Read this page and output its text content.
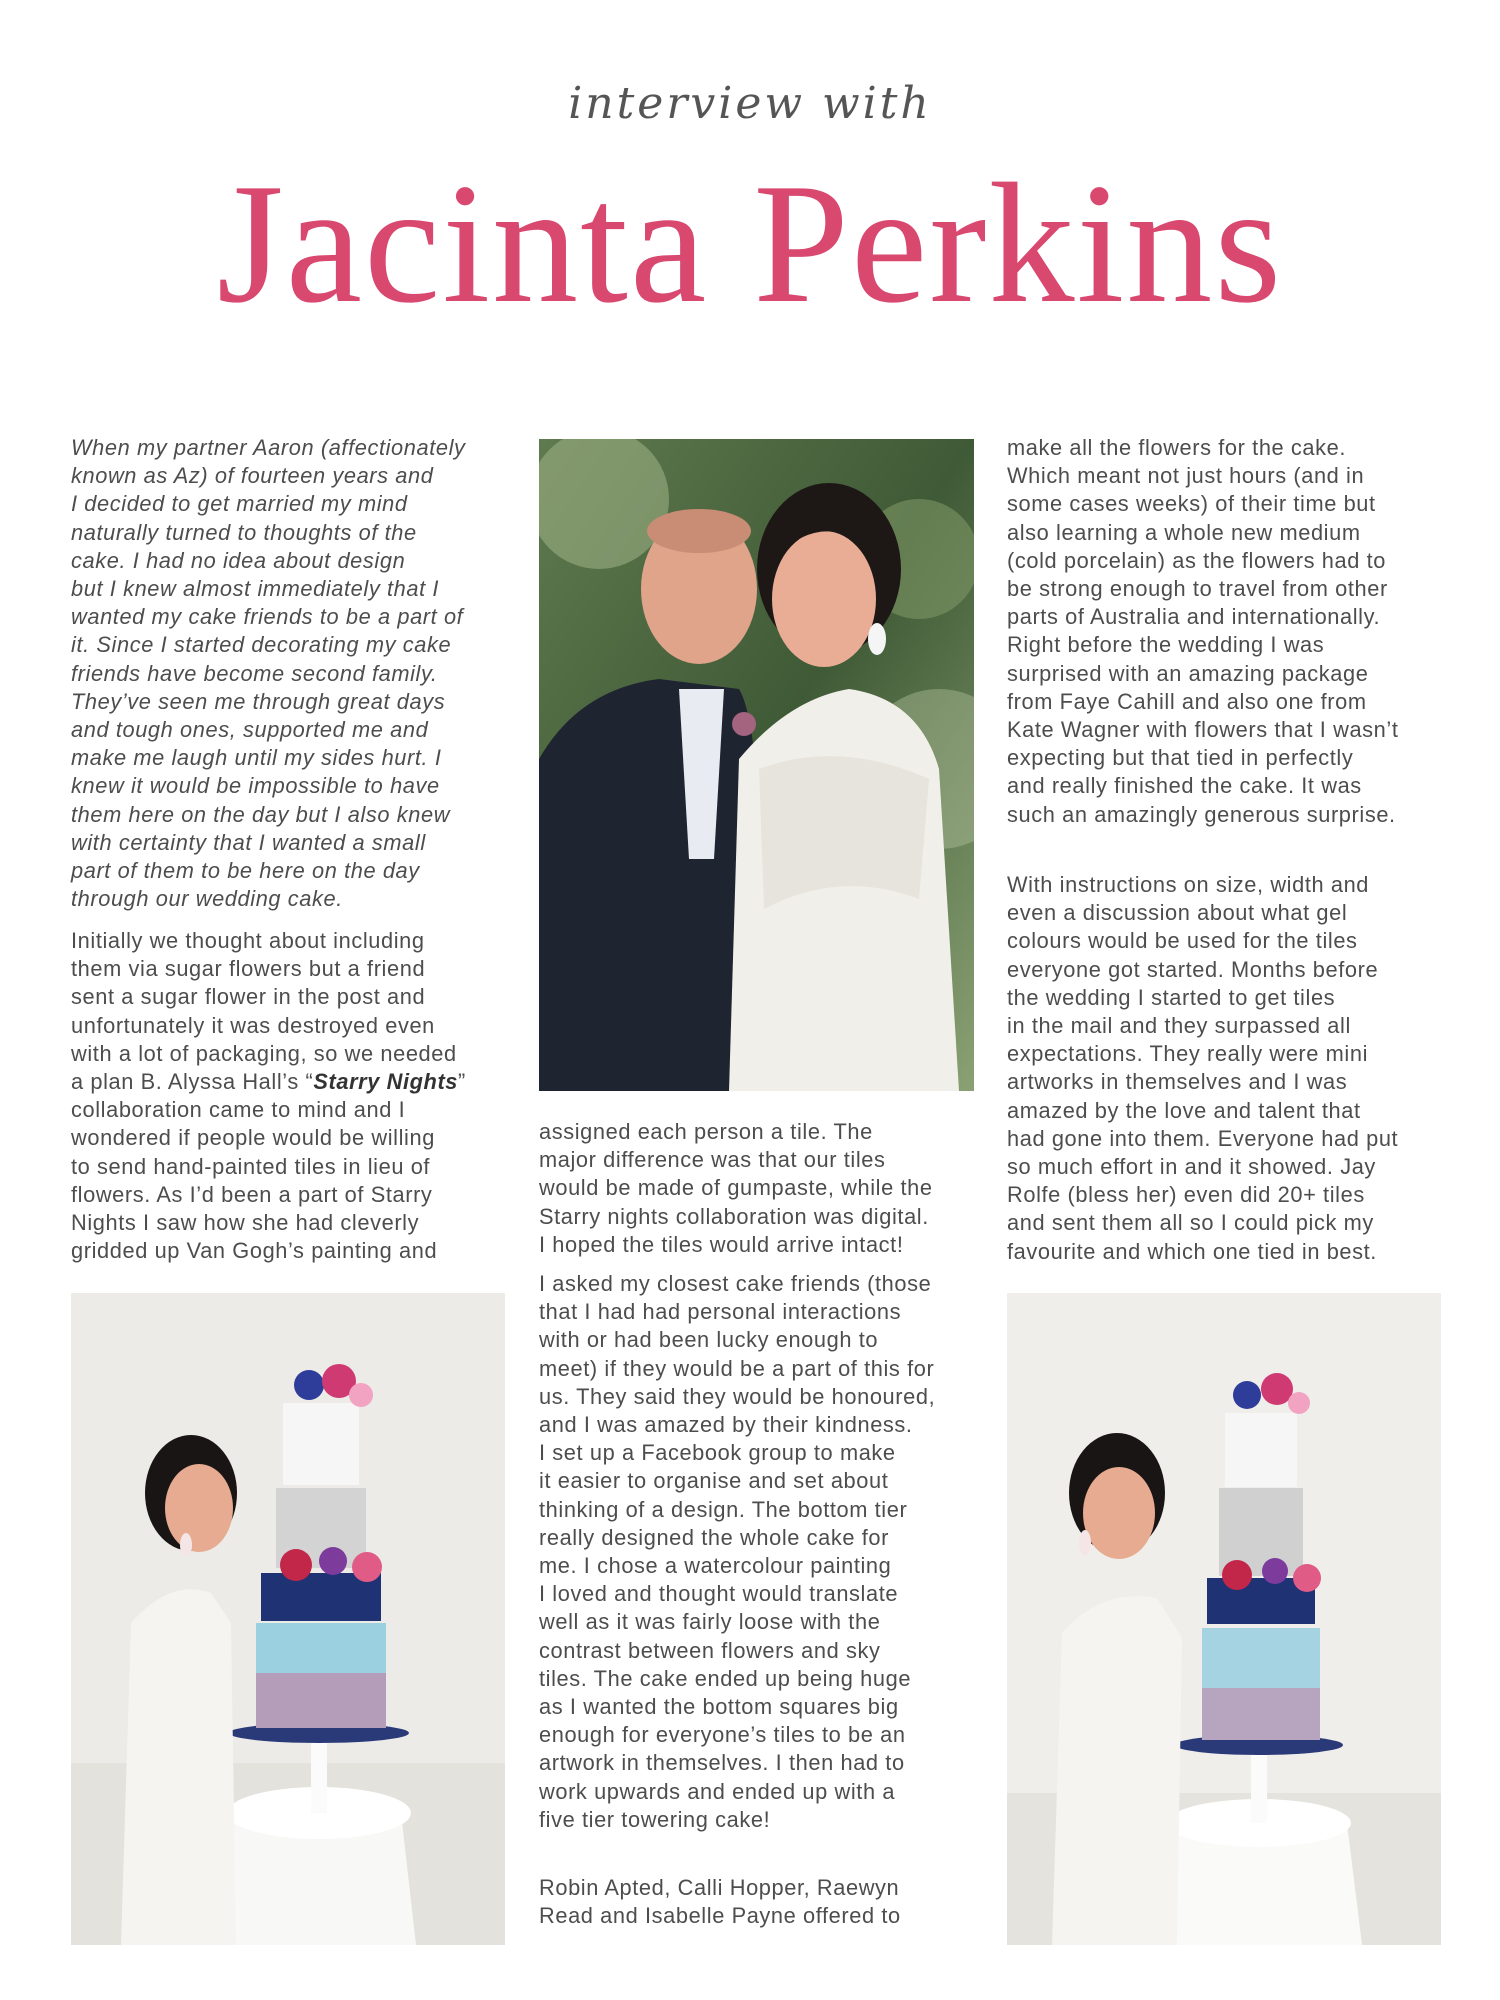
interview with
Jacinta Perkins

When my partner Aaron (affectionately
known as Az) of fourteen years and
I decided to get married my mind
naturally turned to thoughts of the
cake. I had no idea about design
but I knew almost immediately that I
wanted my cake friends to be a part of
it. Since I started decorating my cake
friends have become second family.
They’ve seen me through great days
and tough ones, supported me and
make me laugh until my sides hurt. I
knew it would be impossible to have
them here on the day but I also knew
with certainty that I wanted a small
part of them to be here on the day
through our wedding cake.

Initially we thought about including
them via sugar flowers but a friend
sent a sugar flower in the post and
unfortunately it was destroyed even
with a lot of packaging, so we needed
a plan B. Alyssa Hall’s “Starry Nights”
collaboration came to mind and I
wondered if people would be willing
to send hand-painted tiles in lieu of
flowers. As I’d been a part of Starry
Nights I saw how she had cleverly
gridded up Van Gogh’s painting and

assigned each person a tile. The
major difference was that our tiles
would be made of gumpaste, while the
Starry nights collaboration was digital.
I hoped the tiles would arrive intact!

I asked my closest cake friends (those
that I had had personal interactions
with or had been lucky enough to
meet) if they would be a part of this for
us. They said they would be honoured,
and I was amazed by their kindness.
I set up a Facebook group to make
it easier to organise and set about
thinking of a design. The bottom tier
really designed the whole cake for
me. I chose a watercolour painting
I loved and thought would translate
well as it was fairly loose with the
contrast between flowers and sky
tiles. The cake ended up being huge
as I wanted the bottom squares big
enough for everyone’s tiles to be an
artwork in themselves. I then had to
work upwards and ended up with a
five tier towering cake!

Robin Apted, Calli Hopper, Raewyn
Read and Isabelle Payne offered to

make all the flowers for the cake.
Which meant not just hours (and in
some cases weeks) of their time but
also learning a whole new medium
(cold porcelain) as the flowers had to
be strong enough to travel from other
parts of Australia and internationally.
Right before the wedding I was
surprised with an amazing package
from Faye Cahill and also one from
Kate Wagner with flowers that I wasn’t
expecting but that tied in perfectly
and really finished the cake. It was
such an amazingly generous surprise.

With instructions on size, width and
even a discussion about what gel
colours would be used for the tiles
everyone got started. Months before
the wedding I started to get tiles
in the mail and they surpassed all
expectations. They really were mini
artworks in themselves and I was
amazed by the love and talent that
had gone into them. Everyone had put
so much effort in and it showed. Jay
Rolfe (bless her) even did 20+ tiles
and sent them all so I could pick my
favourite and which one tied in best.
